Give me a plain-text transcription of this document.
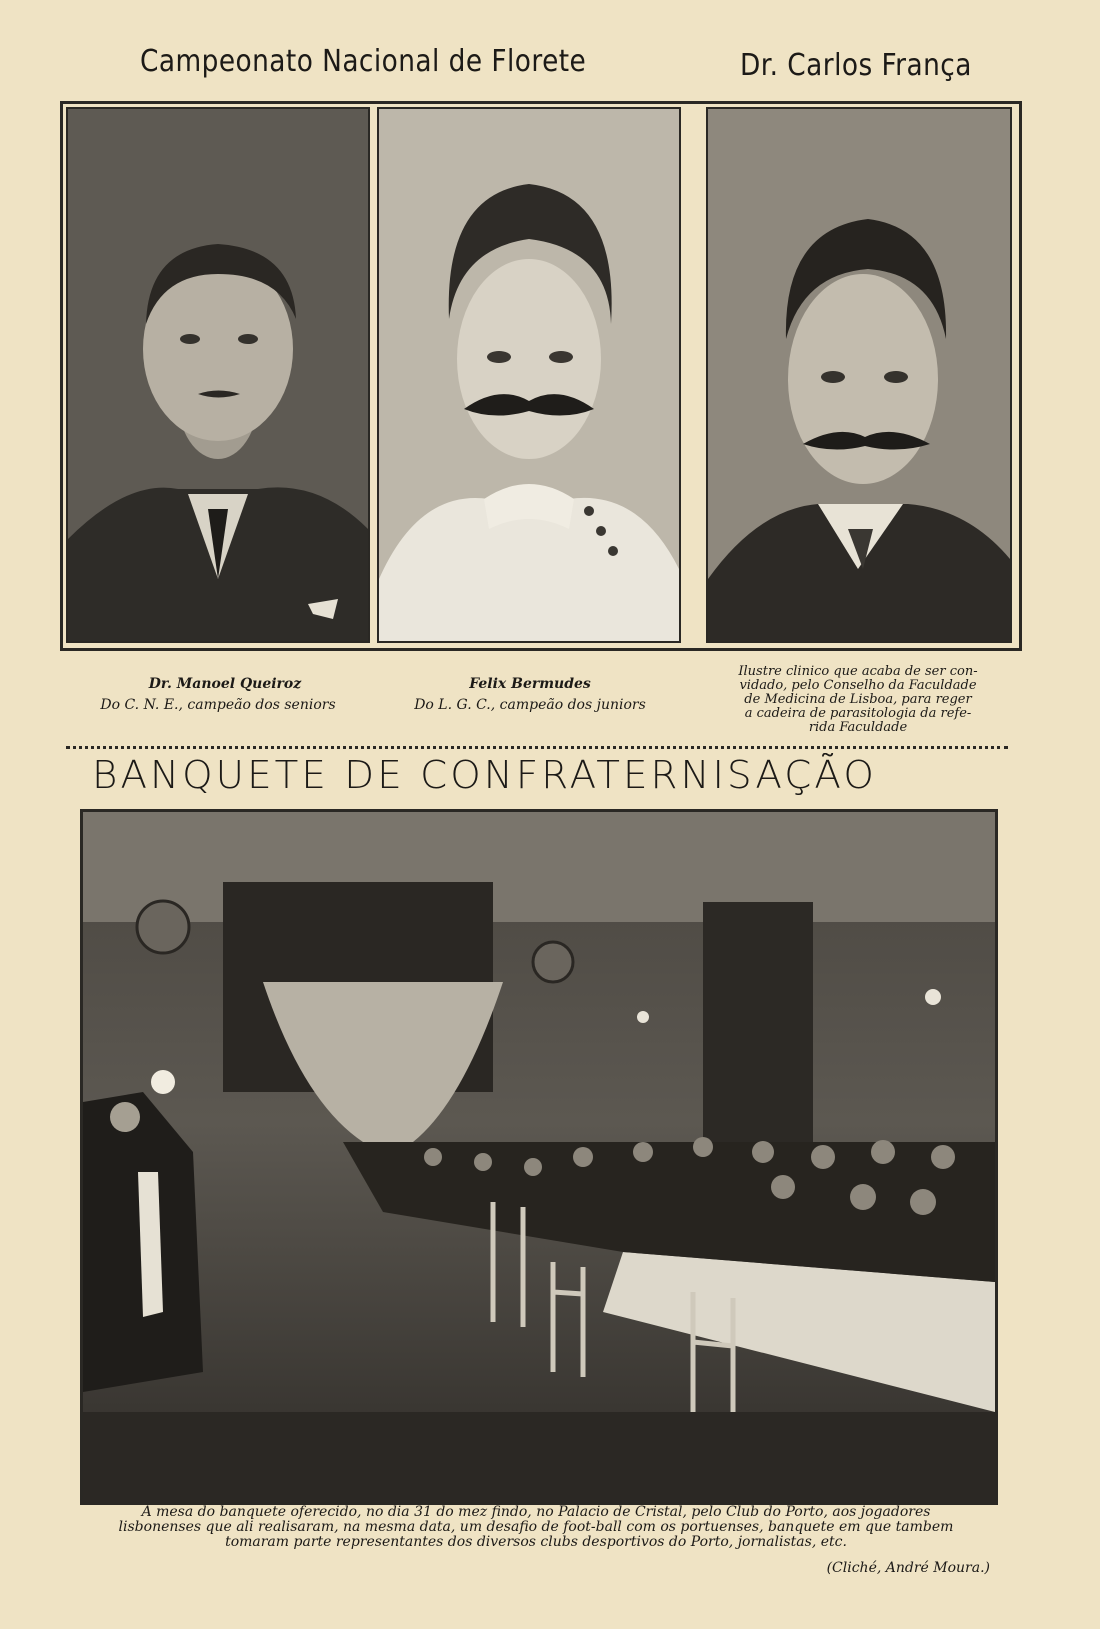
Campeonato Nacional de Florete	Dr. Carlos França
Dr. Manoel Queiroz
Do C. N. E., campeão dos seniors
Felix Bermudes
Do L. G. C., campeão dos juniors
Ilustre clinico que acaba de ser con-
vidado, pelo Conselho da Faculdade
de Medicina de Lisboa, para reger
a cadeira de parasitologia da refe-
rida Faculdade
BANQUETE DE CONFRATERNISAÇÃO
A mesa do banquete oferecido, no dia 31 do mez findo, no Palacio de Cristal, pelo Club do Porto, aos jogadores
lisbonenses que ali realisaram, na mesma data, um desafio de foot-ball com os portuenses, banquete em que tambem
tomaram parte representantes dos diversos clubs desportivos do Porto, jornalistas, etc.
(Cliché, André Moura.)
